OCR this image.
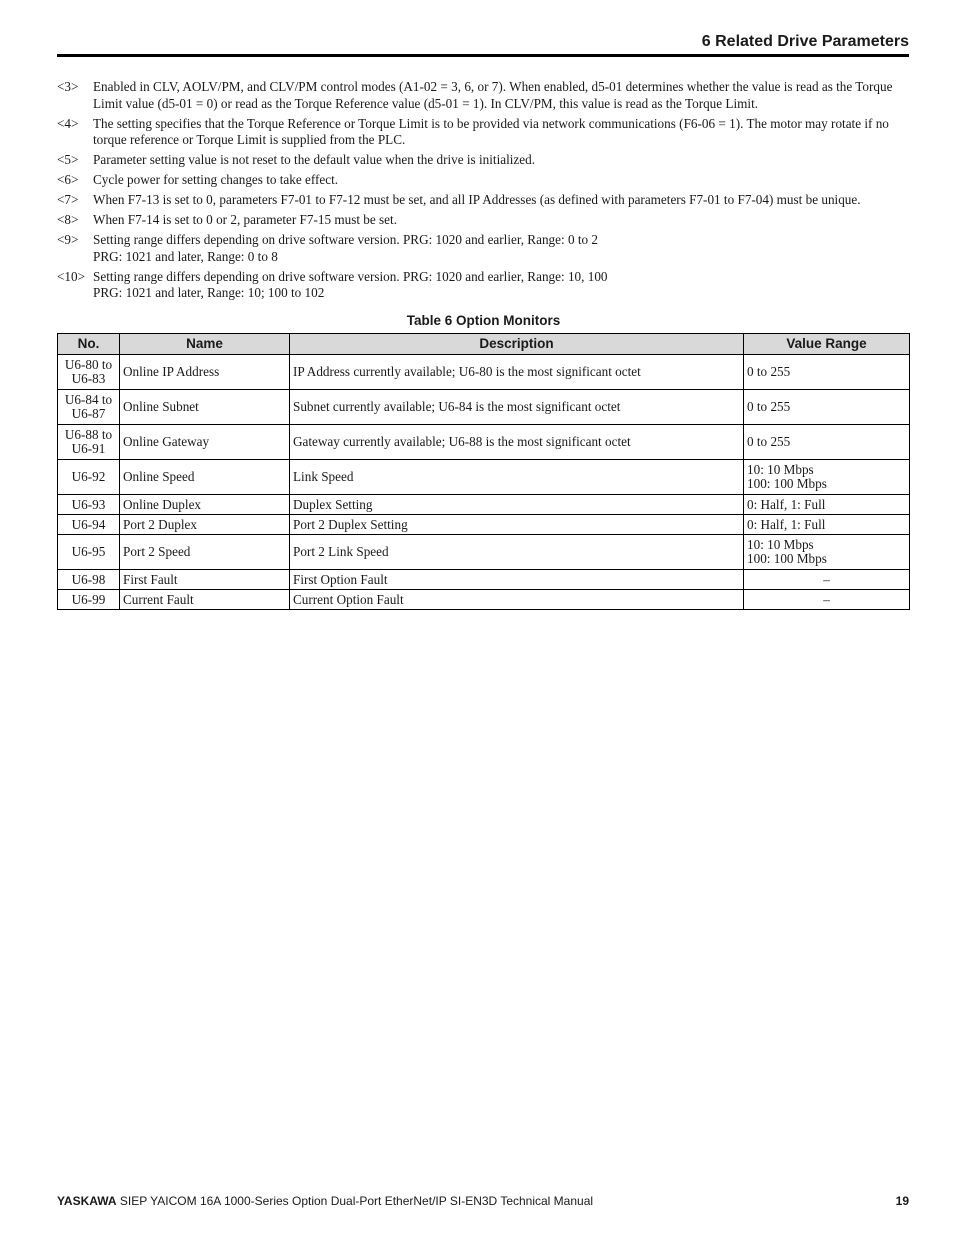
6 Related Drive Parameters
<3>	Enabled in CLV, AOLV/PM, and CLV/PM control modes (A1-02 = 3, 6, or 7). When enabled, d5-01 determines whether the value is read as the Torque Limit value (d5-01 = 0) or read as the Torque Reference value (d5-01 = 1). In CLV/PM, this value is read as the Torque Limit.
<4>	The setting specifies that the Torque Reference or Torque Limit is to be provided via network communications (F6-06 = 1). The motor may rotate if no torque reference or Torque Limit is supplied from the PLC.
<5>	Parameter setting value is not reset to the default value when the drive is initialized.
<6>	Cycle power for setting changes to take effect.
<7>	When F7-13 is set to 0, parameters F7-01 to F7-12 must be set, and all IP Addresses (as defined with parameters F7-01 to F7-04) must be unique.
<8>	When F7-14 is set to 0 or 2, parameter F7-15 must be set.
<9>	Setting range differs depending on drive software version. PRG: 1020 and earlier, Range: 0 to 2
PRG: 1021 and later, Range: 0 to 8
<10> Setting range differs depending on drive software version. PRG: 1020 and earlier, Range: 10, 100
PRG: 1021 and later, Range: 10; 100 to 102
Table 6 Option Monitors
No.	Name	Description	Value Range

U6-80 to
U6-83	Online IP Address	IP Address currently available; U6-80 is the most significant octet	0 to 255

U6-84 to
U6-87	Online Subnet	Subnet currently available; U6-84 is the most significant octet	0 to 255

U6-88 to
U6-91	Online Gateway	Gateway currently available; U6-88 is the most significant octet	0 to 255

U6-92	Online Speed	Link Speed	10: 10 Mbps
100: 100 Mbps

U6-93	Online Duplex	Duplex Setting	0: Half, 1: Full

U6-94	Port 2 Duplex	Port 2 Duplex Setting	0: Half, 1: Full

U6-95	Port 2 Speed	Port 2 Link Speed	10: 10 Mbps
100: 100 Mbps

U6-98	First Fault	First Option Fault	–

U6-99	Current Fault	Current Option Fault	–
YASKAWA SIEP YAICOM 16A 1000-Series Option Dual-Port EtherNet/IP SI-EN3D Technical Manual	19
